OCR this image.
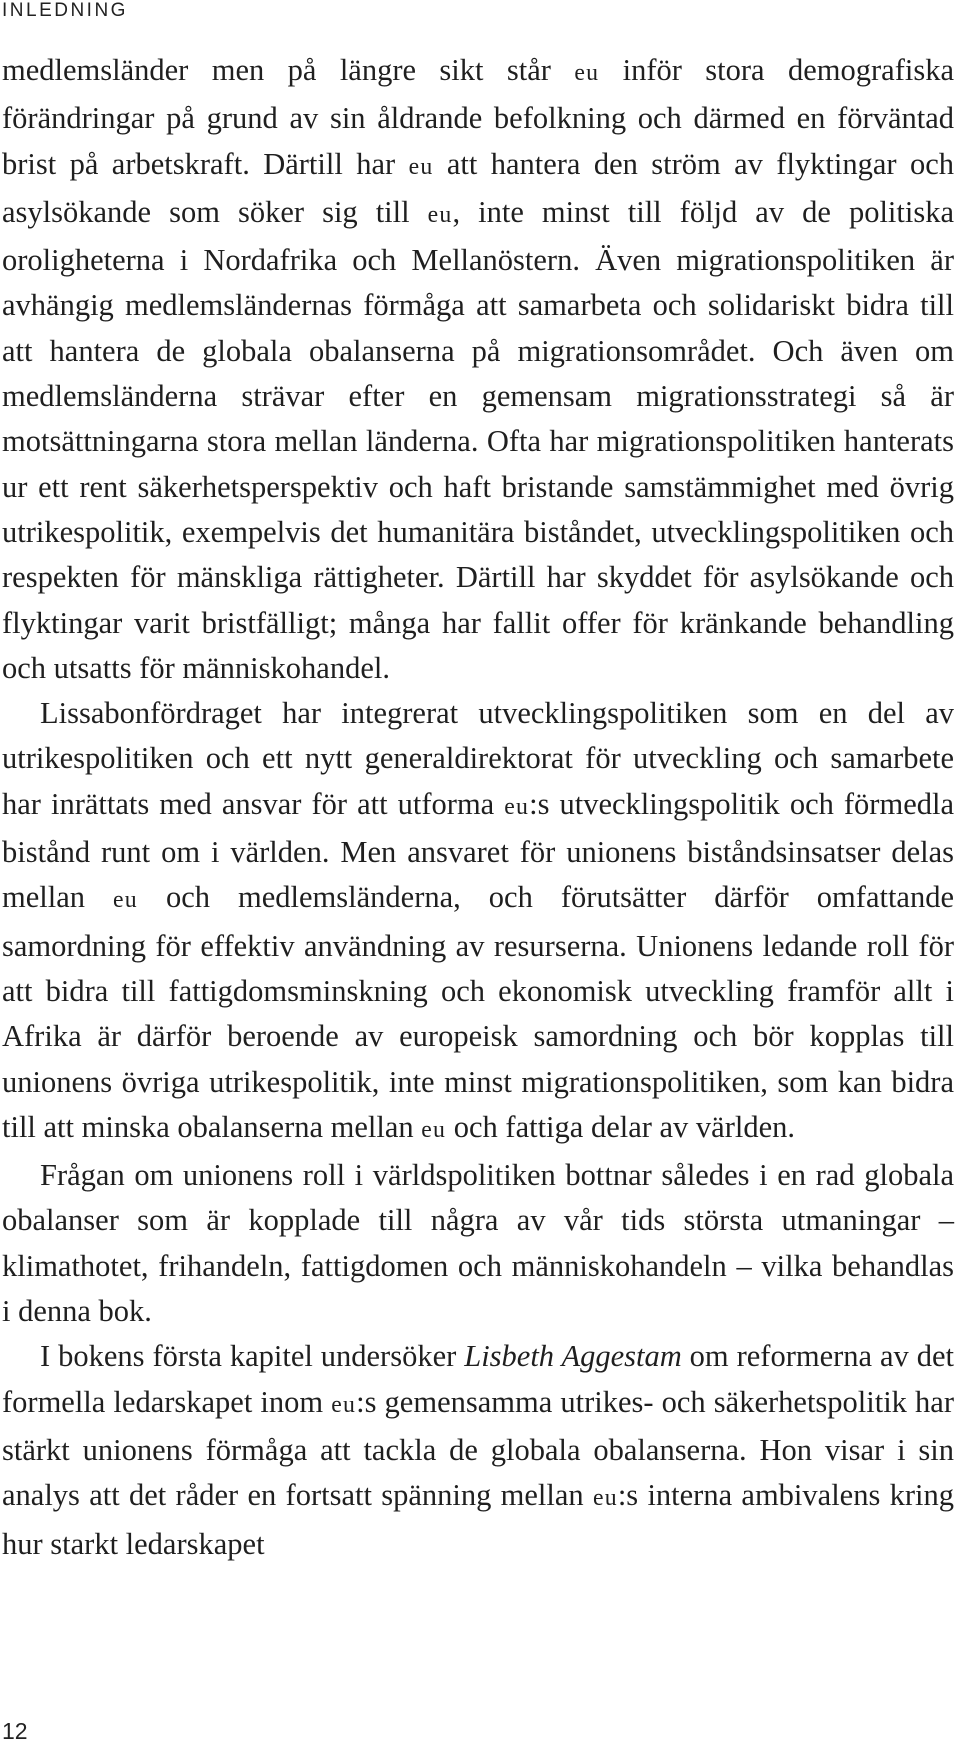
INLEDNING

medlemsländer men på längre sikt står eu inför stora demografiska förändringar på grund av sin åldrande befolkning och därmed en förväntad brist på arbetskraft. Därtill har eu att hantera den ström av flyktingar och asylsökande som söker sig till eu, inte minst till följd av de politiska oroligheterna i Nordafrika och Mellanöstern. Även migrationspolitiken är avhängig medlemsländernas förmåga att samarbeta och solidariskt bidra till att hantera de globala obalanserna på migrationsområdet. Och även om medlemsländerna strävar efter en gemensam migrationsstrategi så är motsättningarna stora mellan länderna. Ofta har migrationspolitiken hanterats ur ett rent säkerhetsperspektiv och haft bristande samstämmighet med övrig utrikespolitik, exempelvis det humanitära biståndet, utvecklingspolitiken och respekten för mänskliga rättigheter. Därtill har skyddet för asylsökande och flyktingar varit bristfälligt; många har fallit offer för kränkande behandling och utsatts för människohandel.

Lissabonfördraget har integrerat utvecklingspolitiken som en del av utrikespolitiken och ett nytt generaldirektorat för utveckling och samarbete har inrättats med ansvar för att utforma eu:s utvecklingspolitik och förmedla bistånd runt om i världen. Men ansvaret för unionens biståndsinsatser delas mellan eu och medlemsländerna, och förutsätter därför omfattande samordning för effektiv användning av resurserna. Unionens ledande roll för att bidra till fattigdomsminskning och ekonomisk utveckling framför allt i Afrika är därför beroende av europeisk samordning och bör kopplas till unionens övriga utrikespolitik, inte minst migrationspolitiken, som kan bidra till att minska obalanserna mellan eu och fattiga delar av världen.

Frågan om unionens roll i världspolitiken bottnar således i en rad globala obalanser som är kopplade till några av vår tids största utmaningar – klimathotet, frihandeln, fattigdomen och människohandeln – vilka behandlas i denna bok.

I bokens första kapitel undersöker Lisbeth Aggestam om reformerna av det formella ledarskapet inom eu:s gemensamma utrikes- och säkerhetspolitik har stärkt unionens förmåga att tackla de globala obalanserna. Hon visar i sin analys att det råder en fortsatt spänning mellan eu:s interna ambivalens kring hur starkt ledarskapet

12
